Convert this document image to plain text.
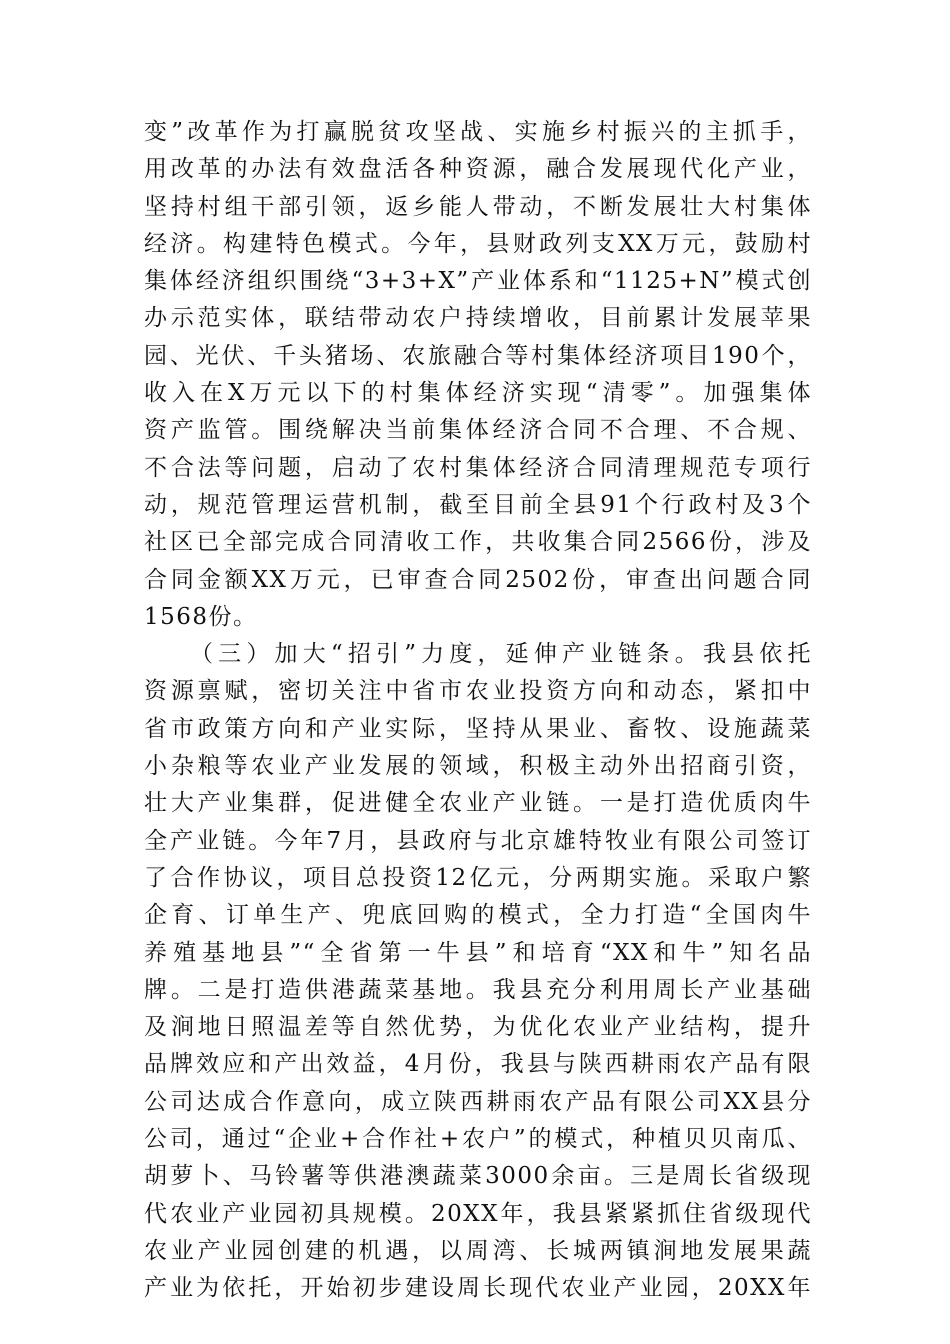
变”改革作为打赢脱贫攻坚战、实施乡村振兴的主抓手，
用改革的办法有效盘活各种资源，融合发展现代化产业，
坚持村组干部引领，返乡能人带动，不断发展壮大村集体
经济。构建特色模式。今年，县财政列支XX万元，鼓励村
集体经济组织围绕“3+3+X”产业体系和“1125+N”模式创
办示范实体，联结带动农户持续增收，目前累计发展苹果
园、光伏、千头猪场、农旅融合等村集体经济项目190个，
收入在X万元以下的村集体经济实现“清零”。加强集体
资产监管。围绕解决当前集体经济合同不合理、不合规、
不合法等问题，启动了农村集体经济合同清理规范专项行
动，规范管理运营机制，截至目前全县91个行政村及3个
社区已全部完成合同清收工作，共收集合同2566份，涉及
合同金额XX万元，已审查合同2502份，审查出问题合同
1568份。
（三）加大“招引”力度，延伸产业链条。我县依托
资源禀赋，密切关注中省市农业投资方向和动态，紧扣中
省市政策方向和产业实际，坚持从果业、畜牧、设施蔬菜
小杂粮等农业产业发展的领域，积极主动外出招商引资，
壮大产业集群，促进健全农业产业链。一是打造优质肉牛
全产业链。今年7月，县政府与北京雄特牧业有限公司签订
了合作协议，项目总投资12亿元，分两期实施。采取户繁
企育、订单生产、兜底回购的模式，全力打造“全国肉牛
养殖基地县”“全省第一牛县”和培育“XX和牛”知名品
牌。二是打造供港蔬菜基地。我县充分利用周长产业基础
及涧地日照温差等自然优势，为优化农业产业结构，提升
品牌效应和产出效益，4月份，我县与陕西耕雨农产品有限
公司达成合作意向，成立陕西耕雨农产品有限公司XX县分
公司，通过“企业+合作社+农户”的模式，种植贝贝南瓜、
胡萝卜、马铃薯等供港澳蔬菜3000余亩。三是周长省级现
代农业产业园初具规模。20XX年，我县紧紧抓住省级现代
农业产业园创建的机遇，以周湾、长城两镇涧地发展果蔬
产业为依托，开始初步建设周长现代农业产业园，20XX年
